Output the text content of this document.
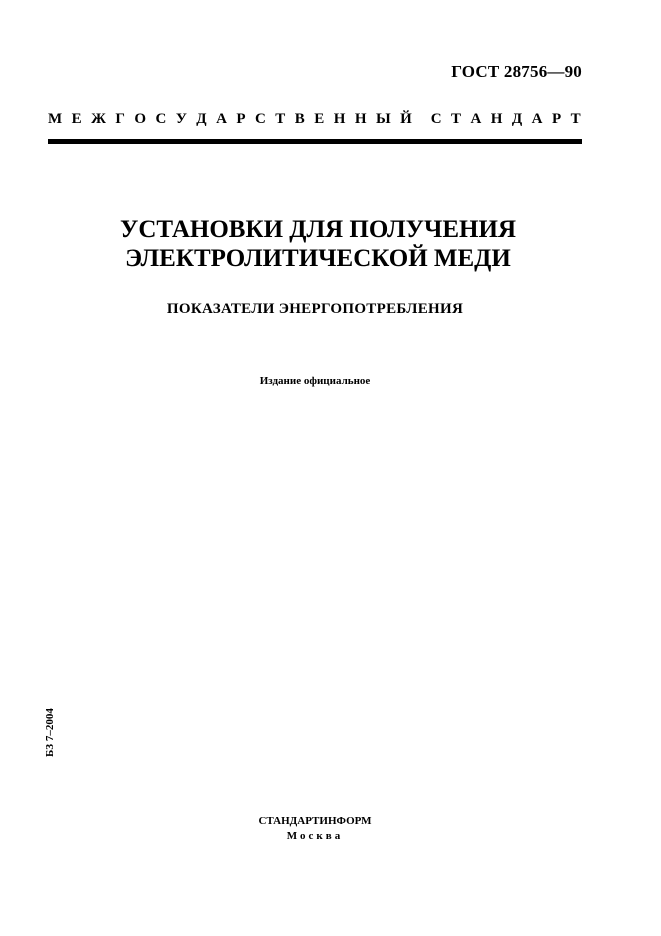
ГОСТ 28756—90
М Е Ж Г О С У Д А Р С Т В Е Н Н Ы Й С Т А Н Д А Р Т
УСТАНОВКИ ДЛЯ ПОЛУЧЕНИЯ
ЭЛЕКТРОЛИТИЧЕСКОЙ МЕДИ
ПОКАЗАТЕЛИ ЭНЕРГОПОТРЕБЛЕНИЯ
Издание официальное
БЗ 7–2004
СТАНДАРТИНФОРМ
Москва
